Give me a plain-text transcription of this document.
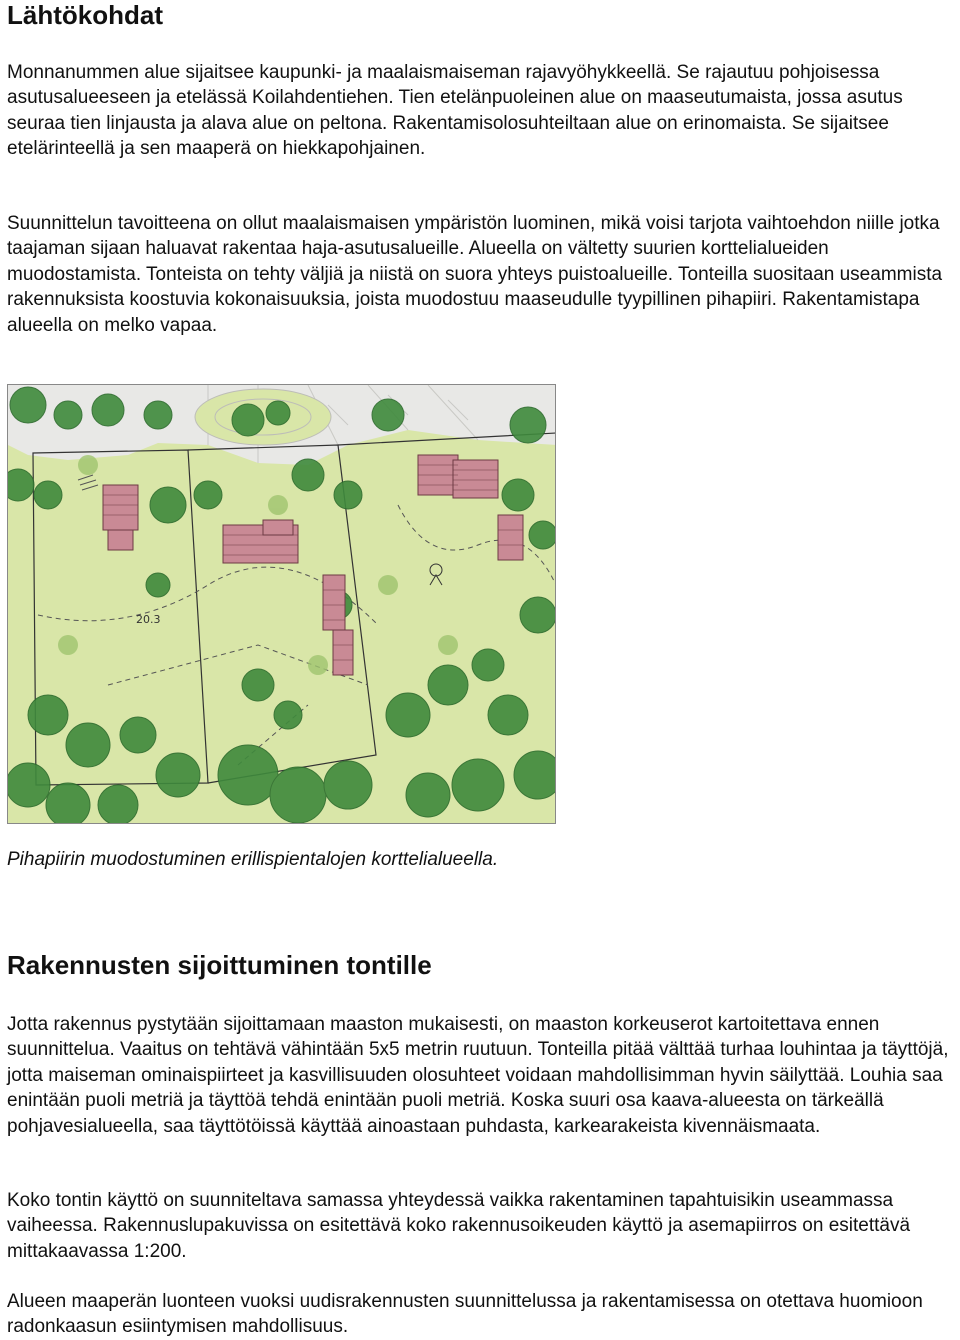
Lähtökohdat

Monnanummen alue sijaitsee kaupunki- ja maalaismaiseman rajavyöhykkeellä. Se rajautuu pohjoisessa asutusalueeseen ja etelässä Koilahdentiehen. Tien etelänpuoleinen alue on maaseutumaista, jossa asutus seuraa tien linjausta ja alava alue on peltona. Rakentamisolosuhteiltaan alue on erinomaista. Se sijaitsee etelärinteellä ja sen maaperä on hiekkapohjainen.

Suunnittelun tavoitteena on ollut maalaismaisen ympäristön luominen, mikä voisi tarjota vaihtoehdon niille jotka taajaman sijaan haluavat rakentaa haja-asutusalueille. Alueella on vältetty suurien korttelialueiden muodostamista. Tonteista on tehty väljiä ja niistä on suora yhteys puistoalueille. Tonteilla suositaan useammista rakennuksista koostuvia kokonaisuuksia, joista muodostuu maaseudulle tyypillinen pihapiiri. Rakentamistapa alueella on melko vapaa.

20.3

Pihapiirin muodostuminen erillispientalojen korttelialueella.

Rakennusten sijoittuminen tontille

Jotta rakennus pystytään sijoittamaan maaston mukaisesti, on maaston korkeuserot kartoitettava ennen suunnittelua. Vaaitus on tehtävä vähintään 5x5 metrin ruutuun. Tonteilla pitää välttää turhaa louhintaa ja täyttöjä, jotta maiseman ominaispiirteet ja kasvillisuuden olosuhteet voidaan mahdollisimman hyvin säilyttää. Louhia saa enintään puoli metriä ja täyttöä tehdä enintään puoli metriä. Koska suuri osa kaava-alueesta on tärkeällä pohjavesialueella, saa täyttötöissä käyttää ainoastaan puhdasta, karkearakeista kivennäismaata.

Koko tontin käyttö on suunniteltava samassa yhteydessä vaikka rakentaminen tapahtuisikin useammassa vaiheessa. Rakennuslupakuvissa on esitettävä koko rakennusoikeuden käyttö ja asemapiirros on esitettävä mittakaavassa 1:200.

Alueen maaperän luonteen vuoksi uudisrakennusten suunnittelussa ja rakentamisessa on otettava huomioon radonkaasun esiintymisen mahdollisuus.
